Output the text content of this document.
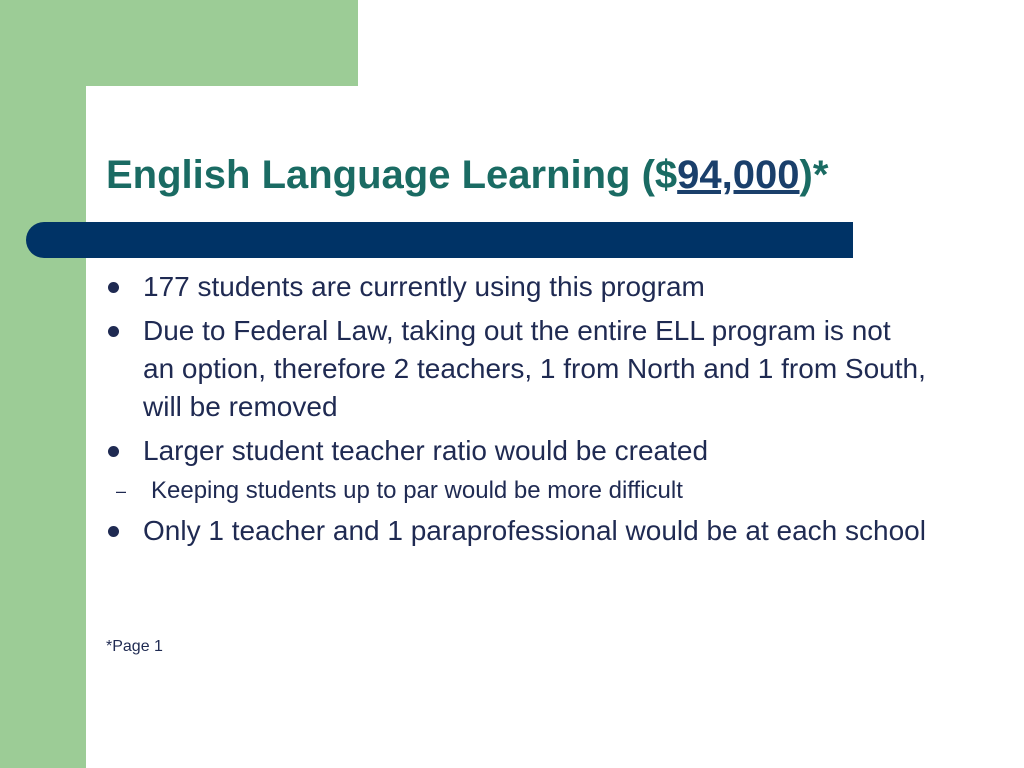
English Language Learning ($94,000)*
177 students are currently using this program
Due to Federal Law, taking out the entire ELL program is not an option, therefore 2 teachers, 1 from North and 1 from South, will be removed
Larger student teacher ratio would be created
– Keeping students up to par would be more difficult
Only 1 teacher and 1 paraprofessional would be at each school
*Page 1
